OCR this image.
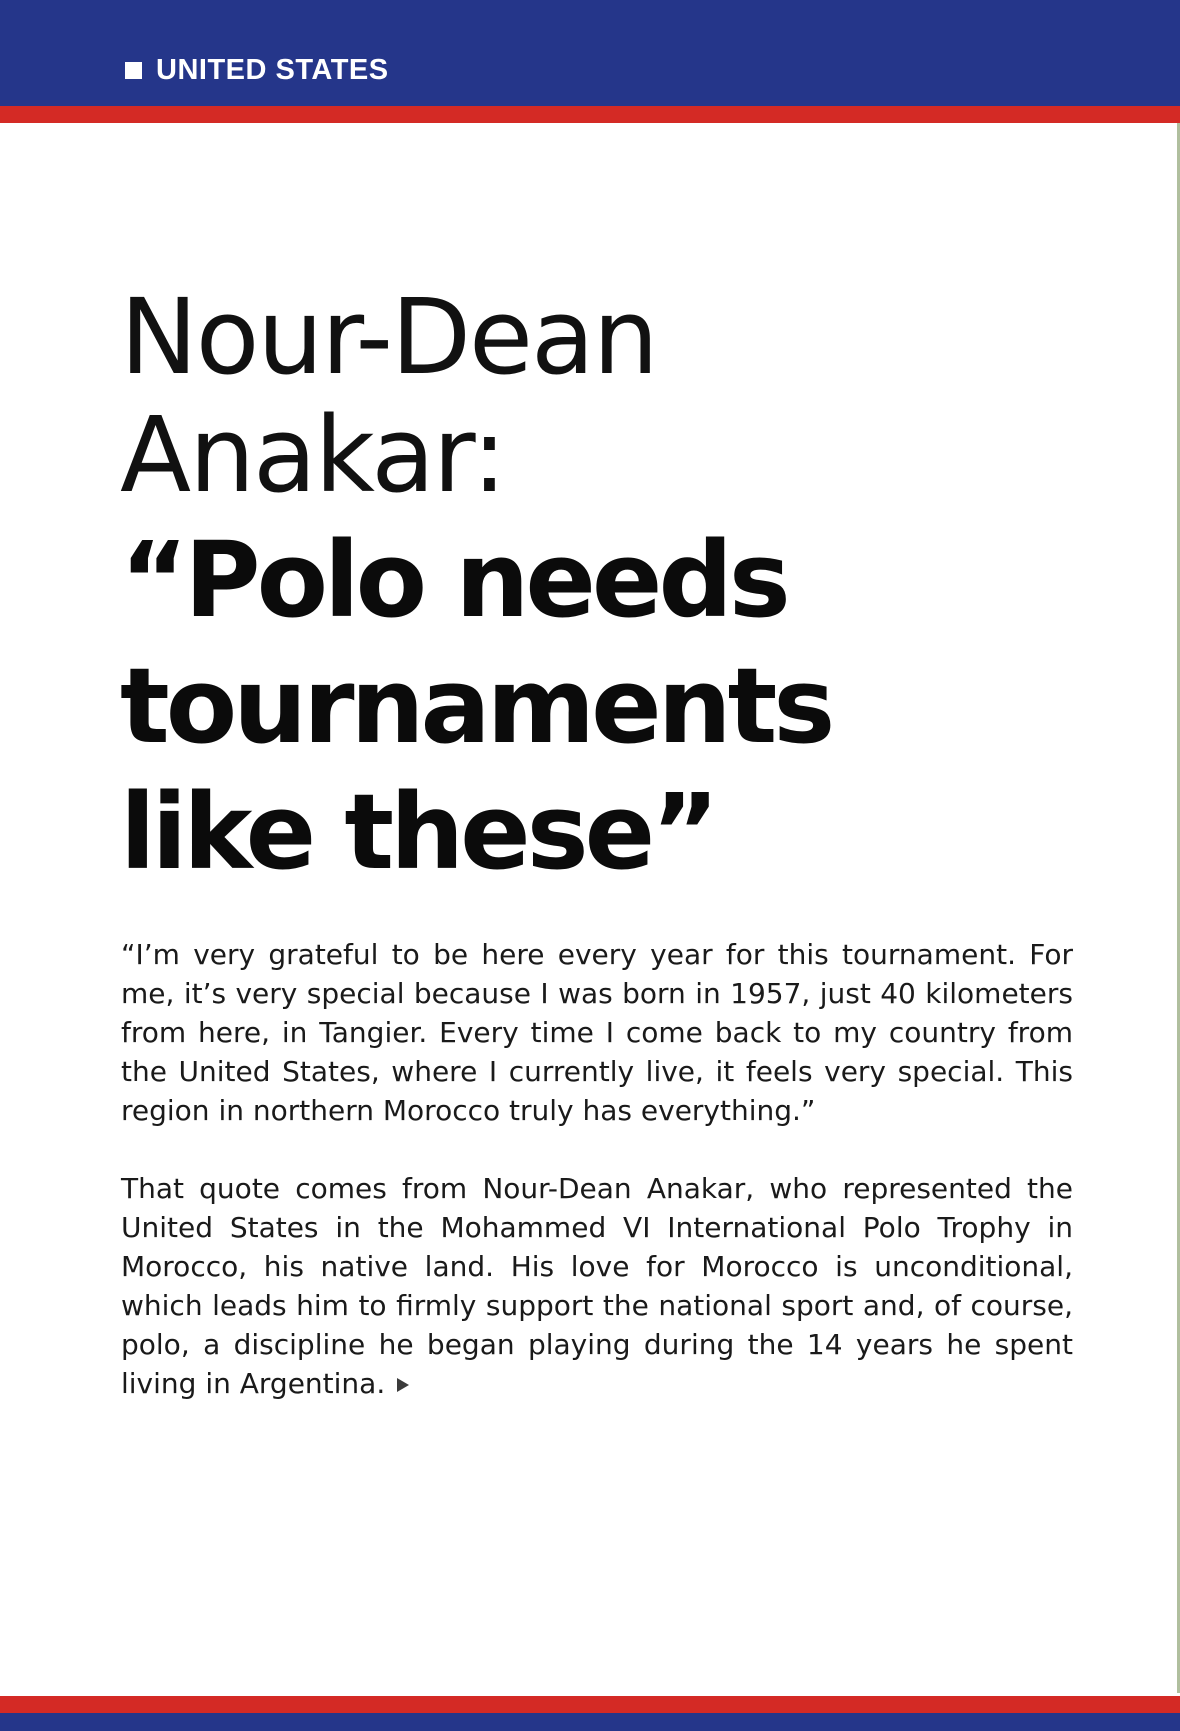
UNITED STATES
Nour-Dean
Anakar:
“Polo needs
tournaments
like these”

“I’m very grateful to be here every year for this tournament. For me, it’s very special because I was born in 1957, just 40 kilometers from here, in Tangier. Every time I come back to my country from the United States, where I currently live, it feels very special. This region in northern Morocco truly has everything.”

That quote comes from Nour-Dean Anakar, who represented the United States in the Mohammed VI International Polo Trophy in Morocco, his native land. His love for Morocco is unconditional, which leads him to firmly support the national sport and, of course, polo, a discipline he began playing during the 14 years he spent living in Argentina.
